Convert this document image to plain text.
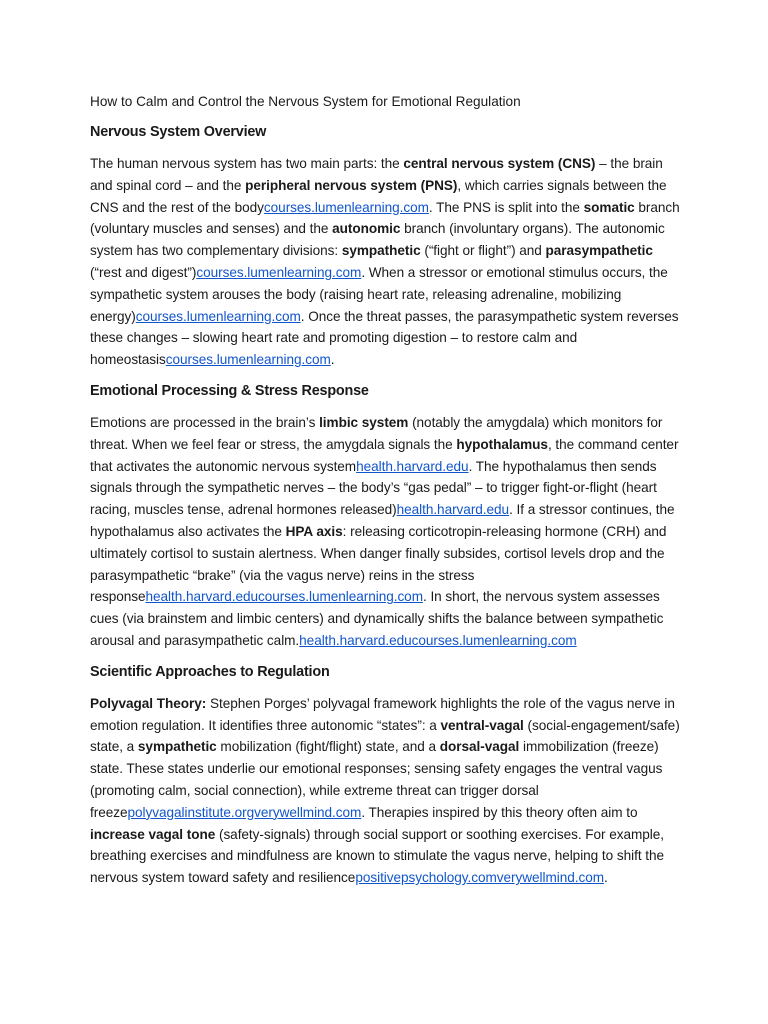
How to Calm and Control the Nervous System for Emotional Regulation
Nervous System Overview

The human nervous system has two main parts: the central nervous system (CNS) – the brain and spinal cord – and the peripheral nervous system (PNS), which carries signals between the CNS and the rest of the bodycourses.lumenlearning.com. The PNS is split into the somatic branch (voluntary muscles and senses) and the autonomic branch (involuntary organs). The autonomic system has two complementary divisions: sympathetic (“fight or flight”) and parasympathetic (“rest and digest”)courses.lumenlearning.com. When a stressor or emotional stimulus occurs, the sympathetic system arouses the body (raising heart rate, releasing adrenaline, mobilizing energy)courses.lumenlearning.com. Once the threat passes, the parasympathetic system reverses these changes – slowing heart rate and promoting digestion – to restore calm and homeostasiscourses.lumenlearning.com.

Emotional Processing & Stress Response

Emotions are processed in the brain’s limbic system (notably the amygdala) which monitors for threat. When we feel fear or stress, the amygdala signals the hypothalamus, the command center that activates the autonomic nervous systemhealth.harvard.edu. The hypothalamus then sends signals through the sympathetic nerves – the body’s “gas pedal” – to trigger fight-or-flight (heart racing, muscles tense, adrenal hormones released)health.harvard.edu. If a stressor continues, the hypothalamus also activates the HPA axis: releasing corticotropin-releasing hormone (CRH) and ultimately cortisol to sustain alertness. When danger finally subsides, cortisol levels drop and the parasympathetic “brake” (via the vagus nerve) reins in the stress responsehealth.harvard.educourses.lumenlearning.com. In short, the nervous system assesses cues (via brainstem and limbic centers) and dynamically shifts the balance between sympathetic arousal and parasympathetic calm.health.harvard.educourses.lumenlearning.com

Scientific Approaches to Regulation

Polyvagal Theory: Stephen Porges’ polyvagal framework highlights the role of the vagus nerve in emotion regulation. It identifies three autonomic “states”: a ventral-vagal (social-engagement/safe) state, a sympathetic mobilization (fight/flight) state, and a dorsal-vagal immobilization (freeze) state. These states underlie our emotional responses; sensing safety engages the ventral vagus (promoting calm, social connection), while extreme threat can trigger dorsal freezepolyvagalinstitute.orgverywellmind.com. Therapies inspired by this theory often aim to increase vagal tone (safety-signals) through social support or soothing exercises. For example, breathing exercises and mindfulness are known to stimulate the vagus nerve, helping to shift the nervous system toward safety and resiliencepositivepsychology.comverywellmind.com.
